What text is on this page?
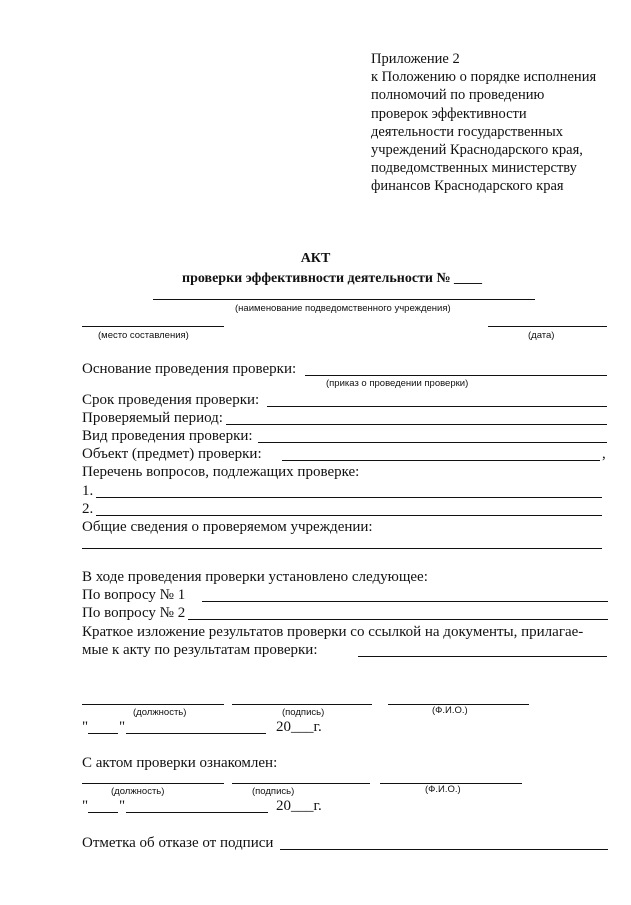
Приложение 2
к Положению о порядке исполнения
полномочий по проведению
проверок эффективности
деятельности государственных
учреждений Краснодарского края,
подведомственных министерству
финансов Краснодарского края
АКТ
проверки эффективности деятельности № ____
(наименование подведомственного учреждения)
(место составления)	(дата)
Основание проведения проверки:
(приказ о проведении проверки)
Срок проведения проверки:
Проверяемый период:
Вид проведения проверки:
Объект (предмет) проверки:	,
Перечень вопросов, подлежащих проверке:
1.
2.
Общие сведения о проверяемом учреждении:
В ходе проведения проверки установлено следующее:
По вопросу № 1
По вопросу № 2
Краткое изложение результатов проверки со ссылкой на документы, прилагае-
мые к акту по результатам проверки:
(должность)	(подпись)	(Ф.И.О.)
" "	20___г.
С актом проверки ознакомлен:
(должность)	(подпись)	(Ф.И.О.)
" "	20___г.
Отметка об отказе от подписи
